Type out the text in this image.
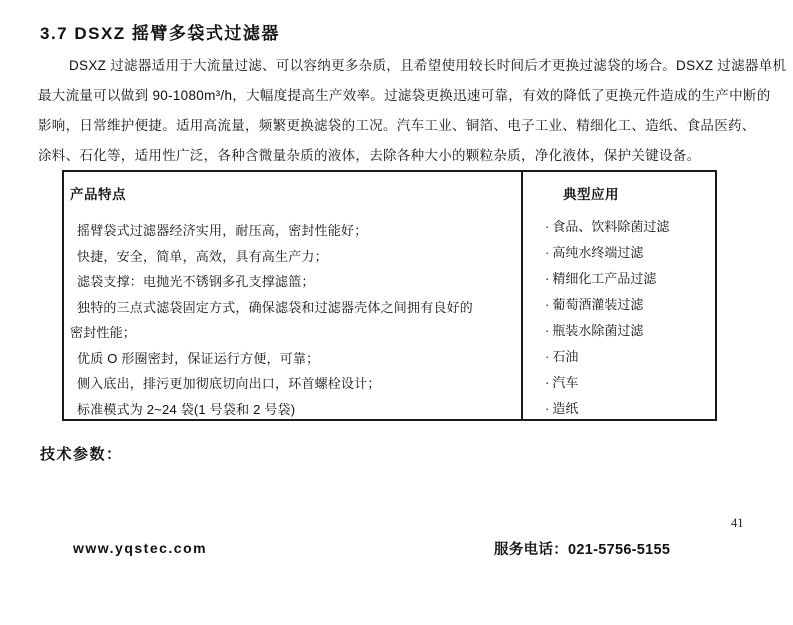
3.7 DSXZ 摇臂多袋式过滤器
DSXZ 过滤器适用于大流量过滤、可以容纳更多杂质，且希望使用较长时间后才更换过滤袋的场合。DSXZ 过滤器单机
最大流量可以做到 90-1080m³/h，大幅度提高生产效率。过滤袋更换迅速可靠，有效的降低了更换元件造成的生产中断的
影响，日常维护便捷。适用高流量，频繁更换滤袋的工况。汽车工业、铜箔、电子工业、精细化工、造纸、食品医药、
涂料、石化等，适用性广泛，各种含微量杂质的液体，去除各种大小的颗粒杂质，净化液体，保护关键设备。
产品特点
摇臂袋式过滤器经济实用，耐压高，密封性能好；
快捷，安全，简单，高效，具有高生产力；
滤袋支撑：电抛光不锈钢多孔支撑滤篮；
独特的三点式滤袋固定方式，确保滤袋和过滤器壳体之间拥有良好的 密封性能；
优质 O 形圈密封，保证运行方便，可靠；
侧入底出，排污更加彻底切向出口，环首螺栓设计；
标准模式为 2~24 袋(1 号袋和 2 号袋)
典型应用
· 食品、饮料除菌过滤
· 高纯水终端过滤
· 精细化工产品过滤
· 葡萄酒灌装过滤
· 瓶装水除菌过滤
· 石油
· 汽车
· 造纸
技术参数：
41
www.yqstec.com	服务电话：021-5756-5155
